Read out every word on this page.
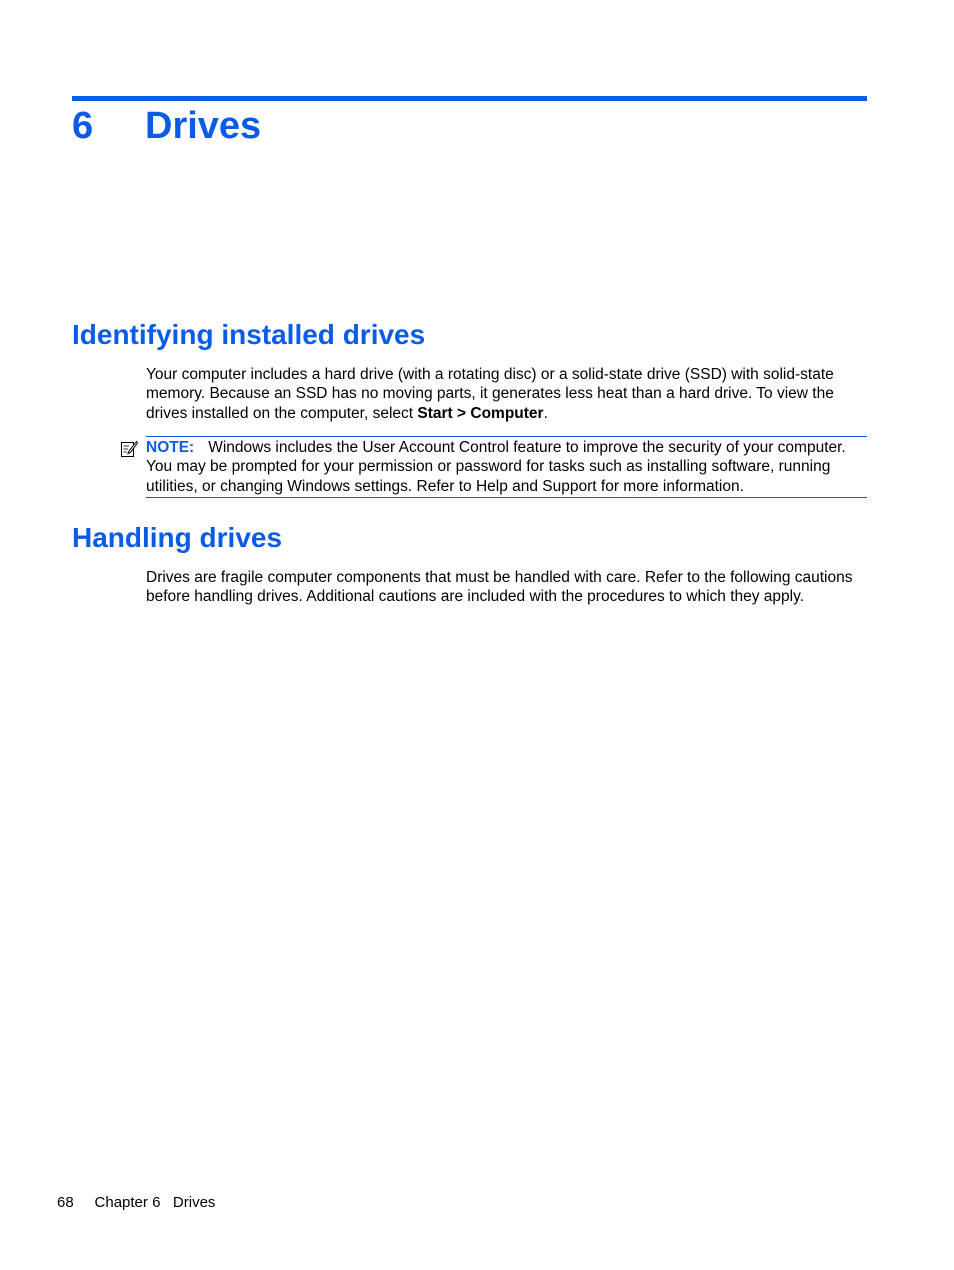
6	Drives
Identifying installed drives

Your computer includes a hard drive (with a rotating disc) or a solid-state drive (SSD) with solid-state memory. Because an SSD has no moving parts, it generates less heat than a hard drive. To view the drives installed on the computer, select Start > Computer.

NOTE: Windows includes the User Account Control feature to improve the security of your computer. You may be prompted for your permission or password for tasks such as installing software, running utilities, or changing Windows settings. Refer to Help and Support for more information.
Handling drives

Drives are fragile computer components that must be handled with care. Refer to the following cautions before handling drives. Additional cautions are included with the procedures to which they apply.

68 Chapter 6 Drives
